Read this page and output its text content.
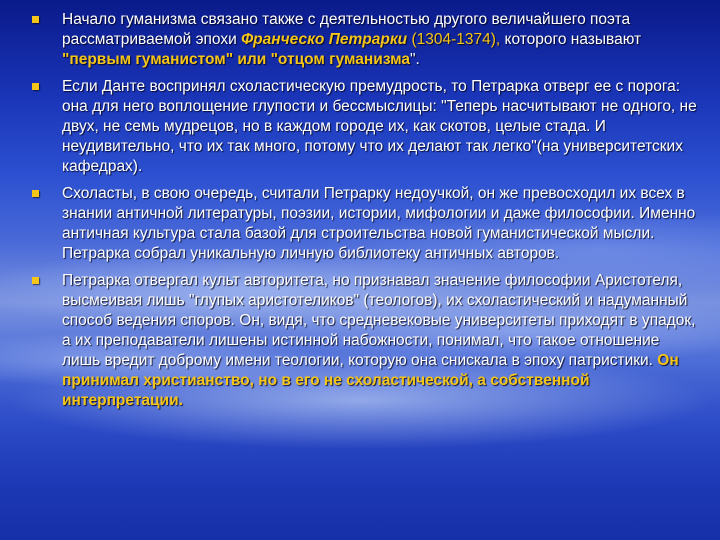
Начало гуманизма связано также с деятельностью другого величайшего поэта рассматриваемой эпохи Франческо Петрарки (1304-1374), которого называют "первым гуманистом" или "отцом гуманизма".
Если Данте воспринял схоластическую премудрость, то Петрарка отверг ее с порога: она для него воплощение глупости и бессмыслицы: "Теперь насчитывают не одного, не двух, не семь мудрецов, но в каждом городе их, как скотов, целые стада. И неудивительно, что их так много, потому что их делают так легко"(на университетских кафедрах).
Схоласты, в свою очередь, считали Петрарку недоучкой, он же превосходил их всех в знании античной литературы, поэзии, истории, мифологии и даже философии. Именно античная культура стала базой для строительства новой гуманистической мысли. Петрарка собрал уникальную личную библиотеку античных авторов.
Петрарка отвергал культ авторитета, но признавал значение философии Аристотеля, высмеивая лишь "глупых аристотеликов" (теологов), их схоластический и надуманный способ ведения споров. Он, видя, что средневековые университеты приходят в упадок, а их преподаватели лишены истинной набожности, понимал, что такое отношение лишь вредит доброму имени теологии, которую она снискала в эпоху патристики. Он принимал христианство, но в его не схоластической, а собственной интерпретации.
